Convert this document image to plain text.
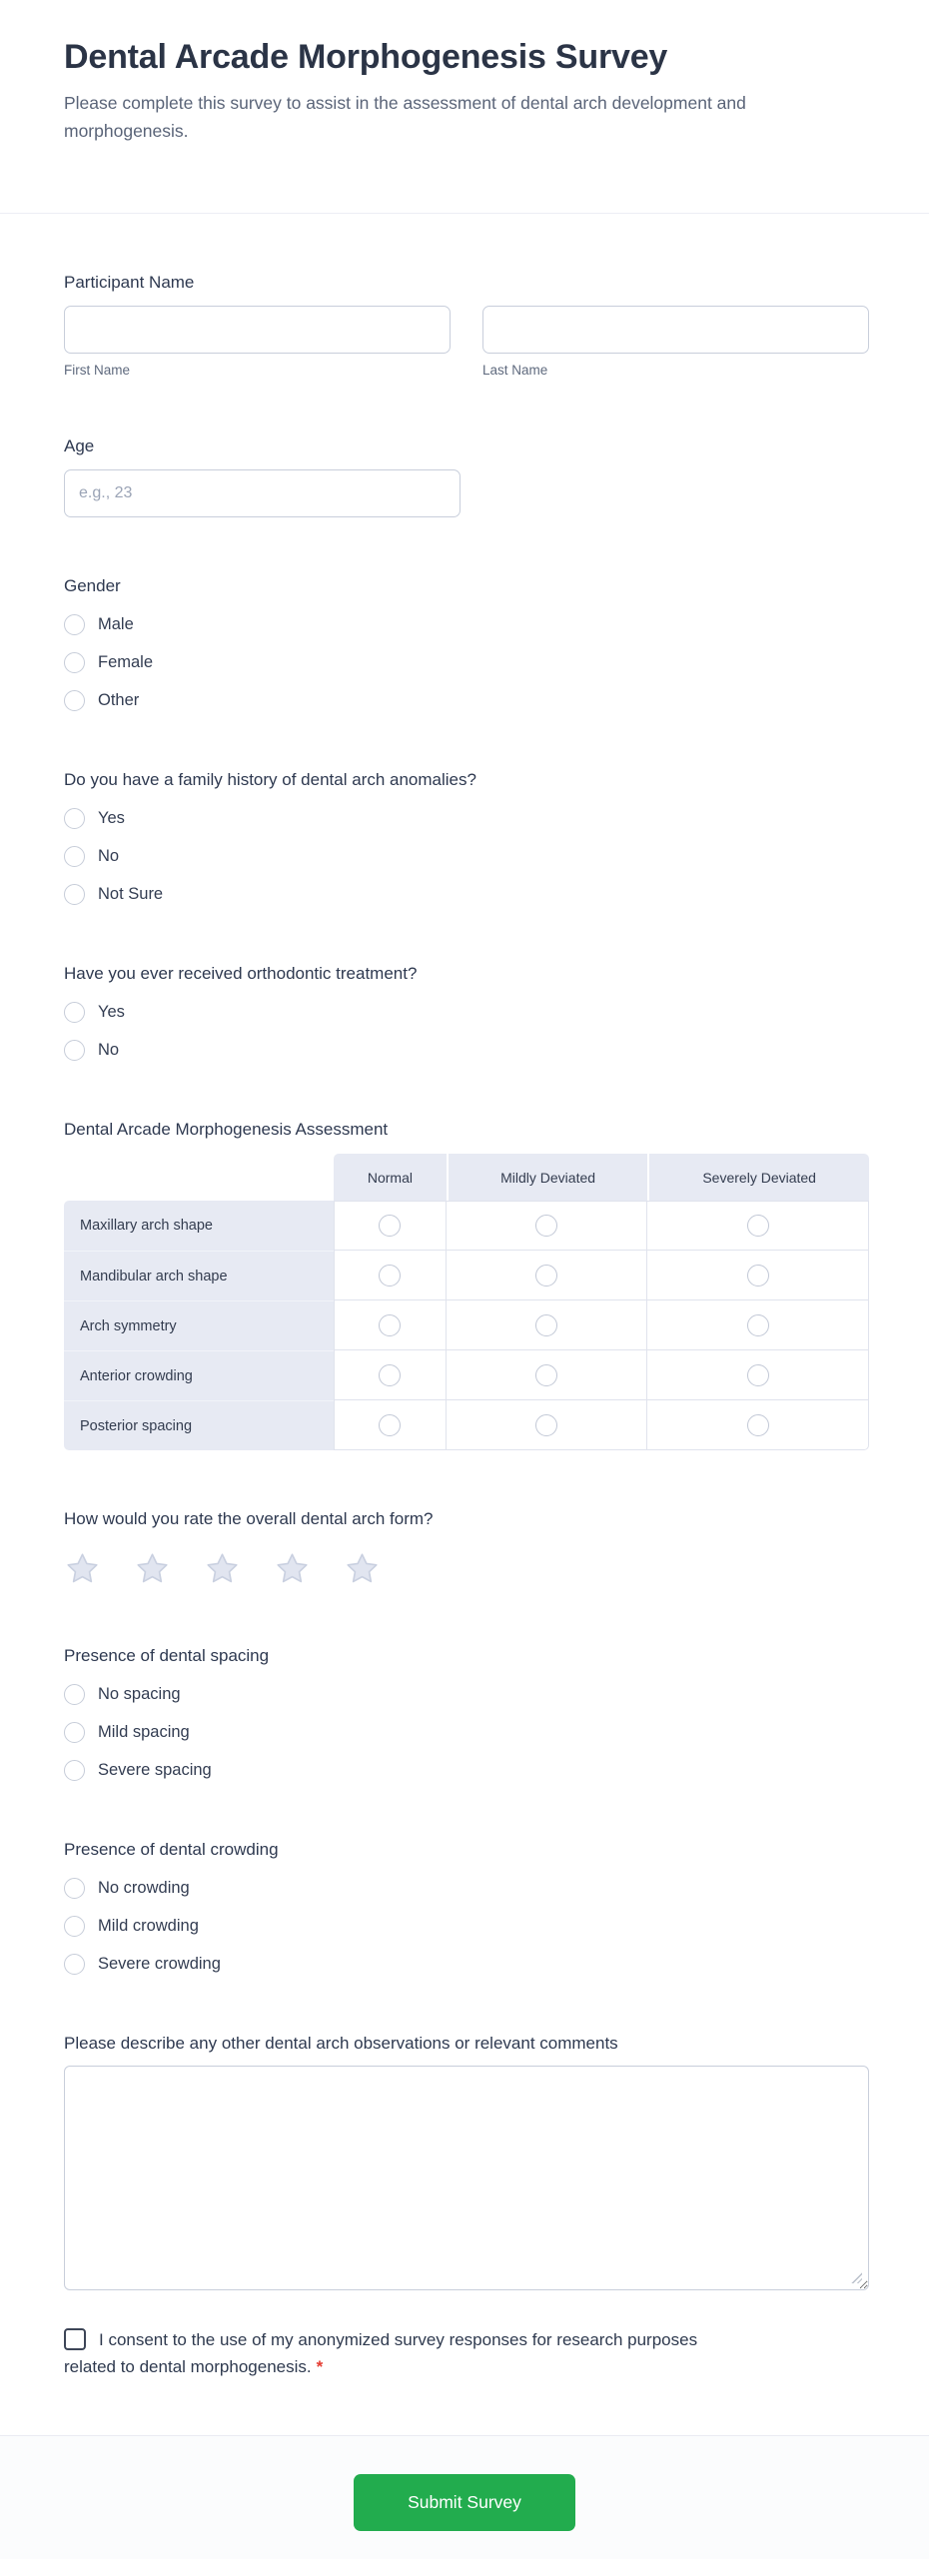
Dental Arcade Morphogenesis Survey

Please complete this survey to assist in the assessment of dental arch development and morphogenesis.

Participant Name
First Name	Last Name
Age
e.g., 23
Gender
Male
Female
Other
Do you have a family history of dental arch anomalies?
Yes
No
Not Sure
Have you ever received orthodontic treatment?
Yes
No
Dental Arcade Morphogenesis Assessment
	Normal	Mildly Deviated	Severely Deviated
Maxillary arch shape			
Mandibular arch shape			
Arch symmetry			
Anterior crowding			
Posterior spacing			
How would you rate the overall dental arch form?
Presence of dental spacing
No spacing
Mild spacing
Severe spacing
Presence of dental crowding
No crowding
Mild crowding
Severe crowding
Please describe any other dental arch observations or relevant comments
I consent to the use of my anonymized survey responses for research purposes related to dental morphogenesis. *
Submit Survey
